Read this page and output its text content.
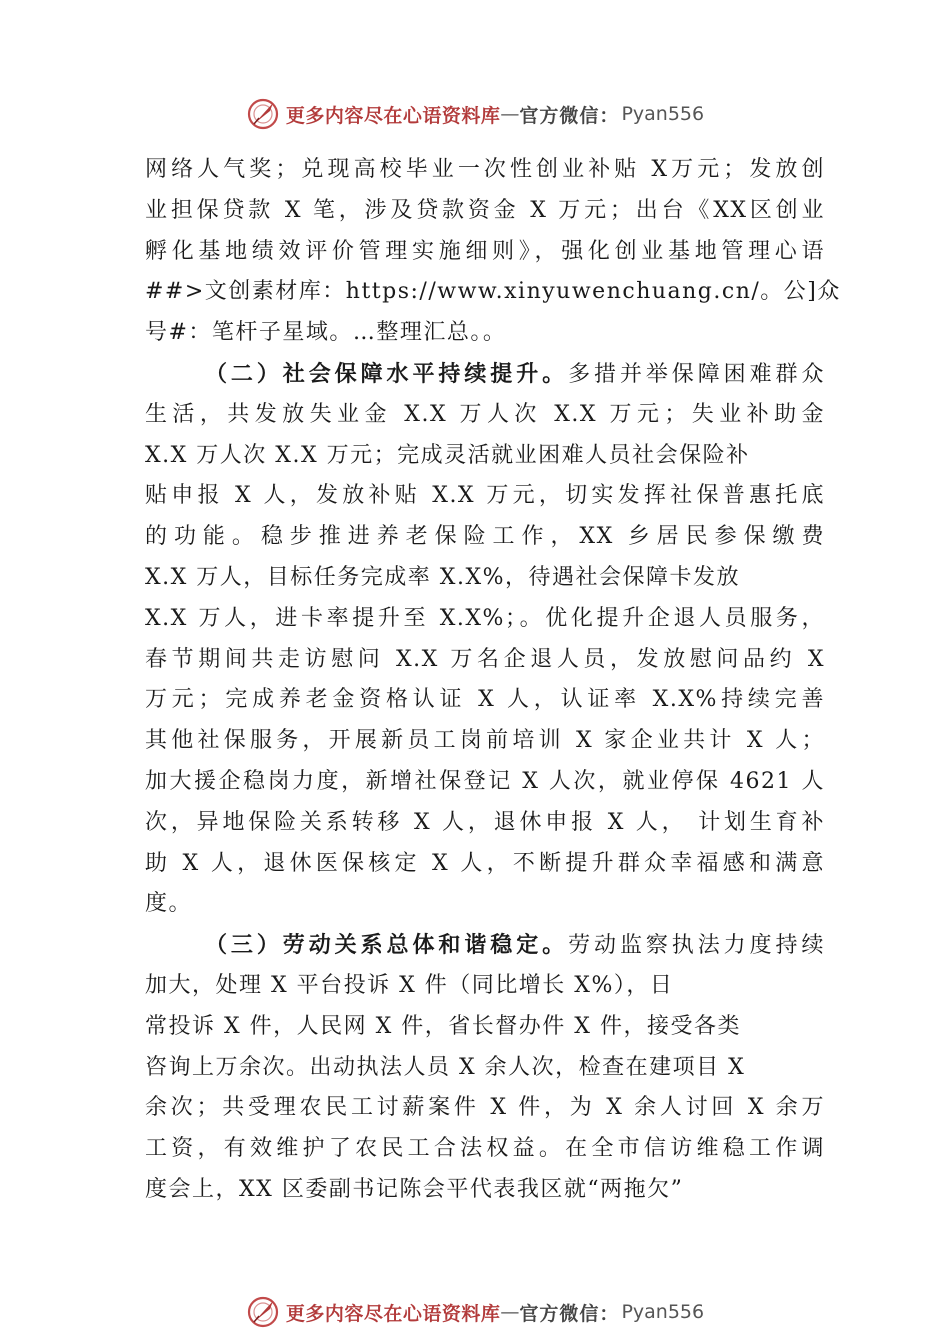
更多内容尽在心语资料库 — 官方微信： Pyan556
网络人气奖；兑现高校毕业一次性创业补贴 X万元；发放创
业担保贷款 X 笔，涉及贷款资金 X 万元；出台《XX区创业
孵化基地绩效评价管理实施细则》，强化创业基地管理心语
##>文创素材库：https://www.xinyuwenchuang.cn/。公]众
号#：笔杆子星域。…整理汇总。。
（二）社会保障水平持续提升。多措并举保障困难群众
生活，共发放失业金 X.X 万人次 X.X 万元；失业补助金
X.X 万人次 X.X 万元；完成灵活就业困难人员社会保险补
贴申报 X 人，发放补贴 X.X 万元，切实发挥社保普惠托底
的功能。稳步推进养老保险工作，XX 乡居民参保缴费
X.X 万人，目标任务完成率 X.X%，待遇社会保障卡发放
X.X 万人，进卡率提升至 X.X%；。优化提升企退人员服务，
春节期间共走访慰问 X.X 万名企退人员，发放慰问品约 X
万元；完成养老金资格认证 X 人，认证率 X.X%持续完善
其他社保服务，开展新员工岗前培训 X 家企业共计 X 人；
加大援企稳岗力度，新增社保登记 X 人次，就业停保 4621 人
次，异地保险关系转移 X 人，退休申报 X 人， 计划生育补
助 X 人，退休医保核定 X 人，不断提升群众幸福感和满意
度。
（三）劳动关系总体和谐稳定。劳动监察执法力度持续
加大，处理 X 平台投诉 X 件（同比增长 X%），日
常投诉 X 件，人民网 X 件，省长督办件 X 件，接受各类
咨询上万余次。出动执法人员 X 余人次，检查在建项目 X
余次；共受理农民工讨薪案件 X 件，为 X 余人讨回 X 余万
工资，有效维护了农民工合法权益。在全市信访维稳工作调
度会上，XX 区委副书记陈会平代表我区就“两拖欠”
更多内容尽在心语资料库 — 官方微信： Pyan556
